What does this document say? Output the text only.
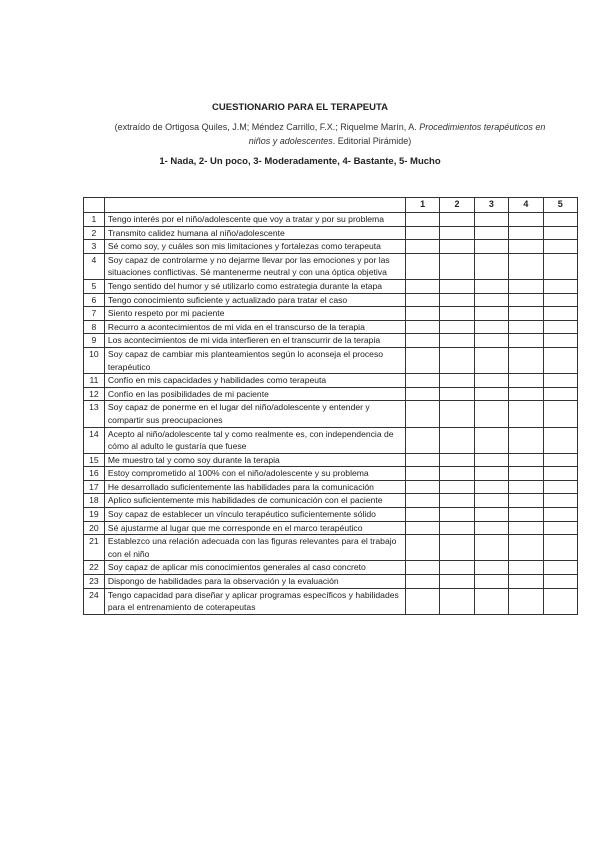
CUESTIONARIO PARA EL TERAPEUTA
(extraído de Ortigosa Quiles, J.M; Méndez Carrillo, F.X.; Riquelme Marín, A. Procedimientos terapéuticos en niños y adolescentes. Editorial Pirámide)
1- Nada, 2- Un poco, 3- Moderadamente, 4- Bastante, 5- Mucho
		1	2	3	4	5
1	Tengo interés por el niño/adolescente que voy a tratar y por su problema					
2	Transmito calidez humana al niño/adolescente					
3	Sé como soy, y cuáles son mis limitaciones y fortalezas como terapeuta					
4	Soy capaz de controlarme y no dejarme llevar por las emociones y por las situaciones conflictivas. Sé mantenerme neutral y con una óptica objetiva					
5	Tengo sentido del humor y sé utilizarlo como estrategia durante la etapa					
6	Tengo conocimiento suficiente y actualizado para tratar el caso					
7	Siento respeto por mi paciente					
8	Recurro a acontecimientos de mi vida en el transcurso de la terapia					
9	Los acontecimientos de mi vida interfieren en el transcurrir de la terapia					
10	Soy capaz de cambiar mis planteamientos según lo aconseja el proceso terapéutico					
11	Confío en mis capacidades y habilidades como terapeuta					
12	Confío en las posibilidades de mi paciente					
13	Soy capaz de ponerme en el lugar del niño/adolescente y entender y compartir sus preocupaciones					
14	Acepto al niño/adolescente tal y como realmente es, con independencia de cómo al adulto le gustaría que fuese					
15	Me muestro tal y como soy durante la terapia					
16	Estoy comprometido al 100% con el niño/adolescente y su problema					
17	He desarrollado suficientemente las habilidades para la comunicación					
18	Aplico suficientemente mis habilidades de comunicación con el paciente					
19	Soy capaz de establecer un vínculo terapéutico suficientemente sólido					
20	Sé ajustarme al lugar que me corresponde en el marco terapéutico					
21	Establezco una relación adecuada con las figuras relevantes para el trabajo con el niño					
22	Soy capaz de aplicar mis conocimientos generales al caso concreto					
23	Dispongo de habilidades para la observación y la evaluación					
24	Tengo capacidad para diseñar y aplicar programas específicos y habilidades para el entrenamiento de coterapeutas					
